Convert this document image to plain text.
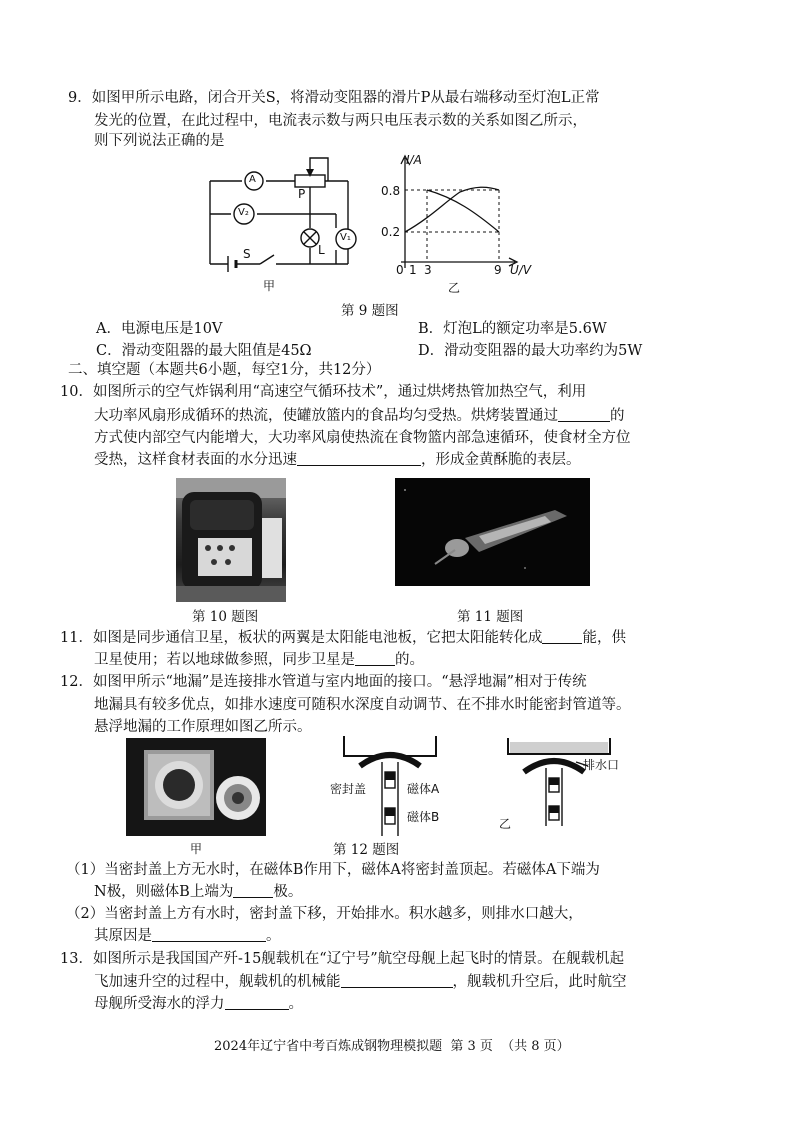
9．如图甲所示电路，闭合开关S，将滑动变阻器的滑片P从最右端移动至灯泡L正常
发光的位置，在此过程中，电流表示数与两只电压表示数的关系如图乙所示，
则下列说法正确的是
A
V₂
V₁
P
S	L
甲
I/A
0.8
0.2
0 1 3	9 U/V
乙
第 9 题图
A．电源电压是10V	B．灯泡L的额定功率是5.6W
C．滑动变阻器的最大阻值是45Ω	D．滑动变阻器的最大功率约为5W
二、填空题（本题共6小题，每空1分，共12分）
10．如图所示的空气炸锅利用“高速空气循环技术”，通过烘烤热管加热空气，利用
大功率风扇形成循环的热流，使罐放篮内的食品均匀受热。烘烤装置通过	的
方式使内部空气内能增大，大功率风扇使热流在食物篮内部急速循环，使食材全方位
受热，这样食材表面的水分迅速	，形成金黄酥脆的表层。
第 10 题图	第 11 题图
11．如图是同步通信卫星，板状的两翼是太阳能电池板，它把太阳能转化成	能，供
卫星使用；若以地球做参照，同步卫星是	的。
12．如图甲所示“地漏”是连接排水管道与室内地面的接口。“悬浮地漏”相对于传统
地漏具有较多优点，如排水速度可随积水深度自动调节、在不排水时能密封管道等。
悬浮地漏的工作原理如图乙所示。
甲
密封盖	磁体A
磁体B
排水口
乙
第 12 题图
（1）当密封盖上方无水时，在磁体B作用下，磁体A将密封盖顶起。若磁体A下端为
N极，则磁体B上端为	极。
（2）当密封盖上方有水时，密封盖下移，开始排水。积水越多，则排水口越大，
其原因是	。
13．如图所示是我国国产歼-15舰载机在“辽宁号”航空母舰上起飞时的情景。在舰载机起
飞加速升空的过程中，舰载机的机械能	，舰载机升空后，此时航空
母舰所受海水的浮力	。
2024年辽宁省中考百炼成钢物理模拟题  第 3 页  （共 8 页）
